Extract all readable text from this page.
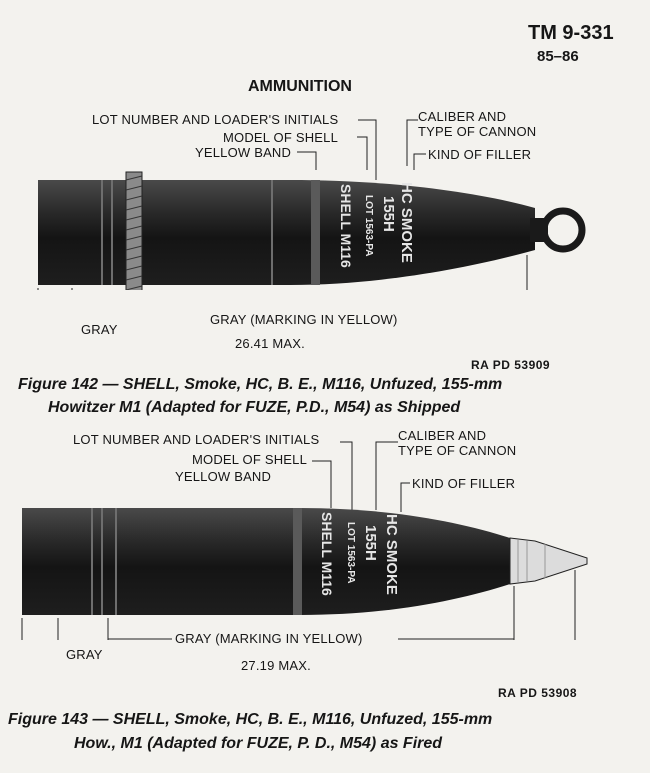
TM 9-331
85–86
AMMUNITION
LOT NUMBER AND LOADER'S INITIALS
MODEL OF SHELL
YELLOW BAND
CALIBER AND
TYPE OF CANNON
KIND OF FILLER
LOT 1563-PA
SHELL M116 155H HC SMOKE
GRAY
GRAY (MARKING IN YELLOW)
26.41 MAX.
RA PD 53909
Figure 142 — SHELL, Smoke, HC, B. E., M116, Unfuzed, 155-mm
Howitzer M1 (Adapted for FUZE, P.D., M54) as Shipped
LOT NUMBER AND LOADER'S INITIALS
MODEL OF SHELL
YELLOW BAND
CALIBER AND
TYPE OF CANNON
KIND OF FILLER
LOT 1563-PA
SHELL M116 155H HC SMOKE
GRAY
GRAY (MARKING IN YELLOW)
27.19 MAX.
RA PD 53908
Figure 143 — SHELL, Smoke, HC, B. E., M116, Unfuzed, 155-mm
How., M1 (Adapted for FUZE, P. D., M54) as Fired
